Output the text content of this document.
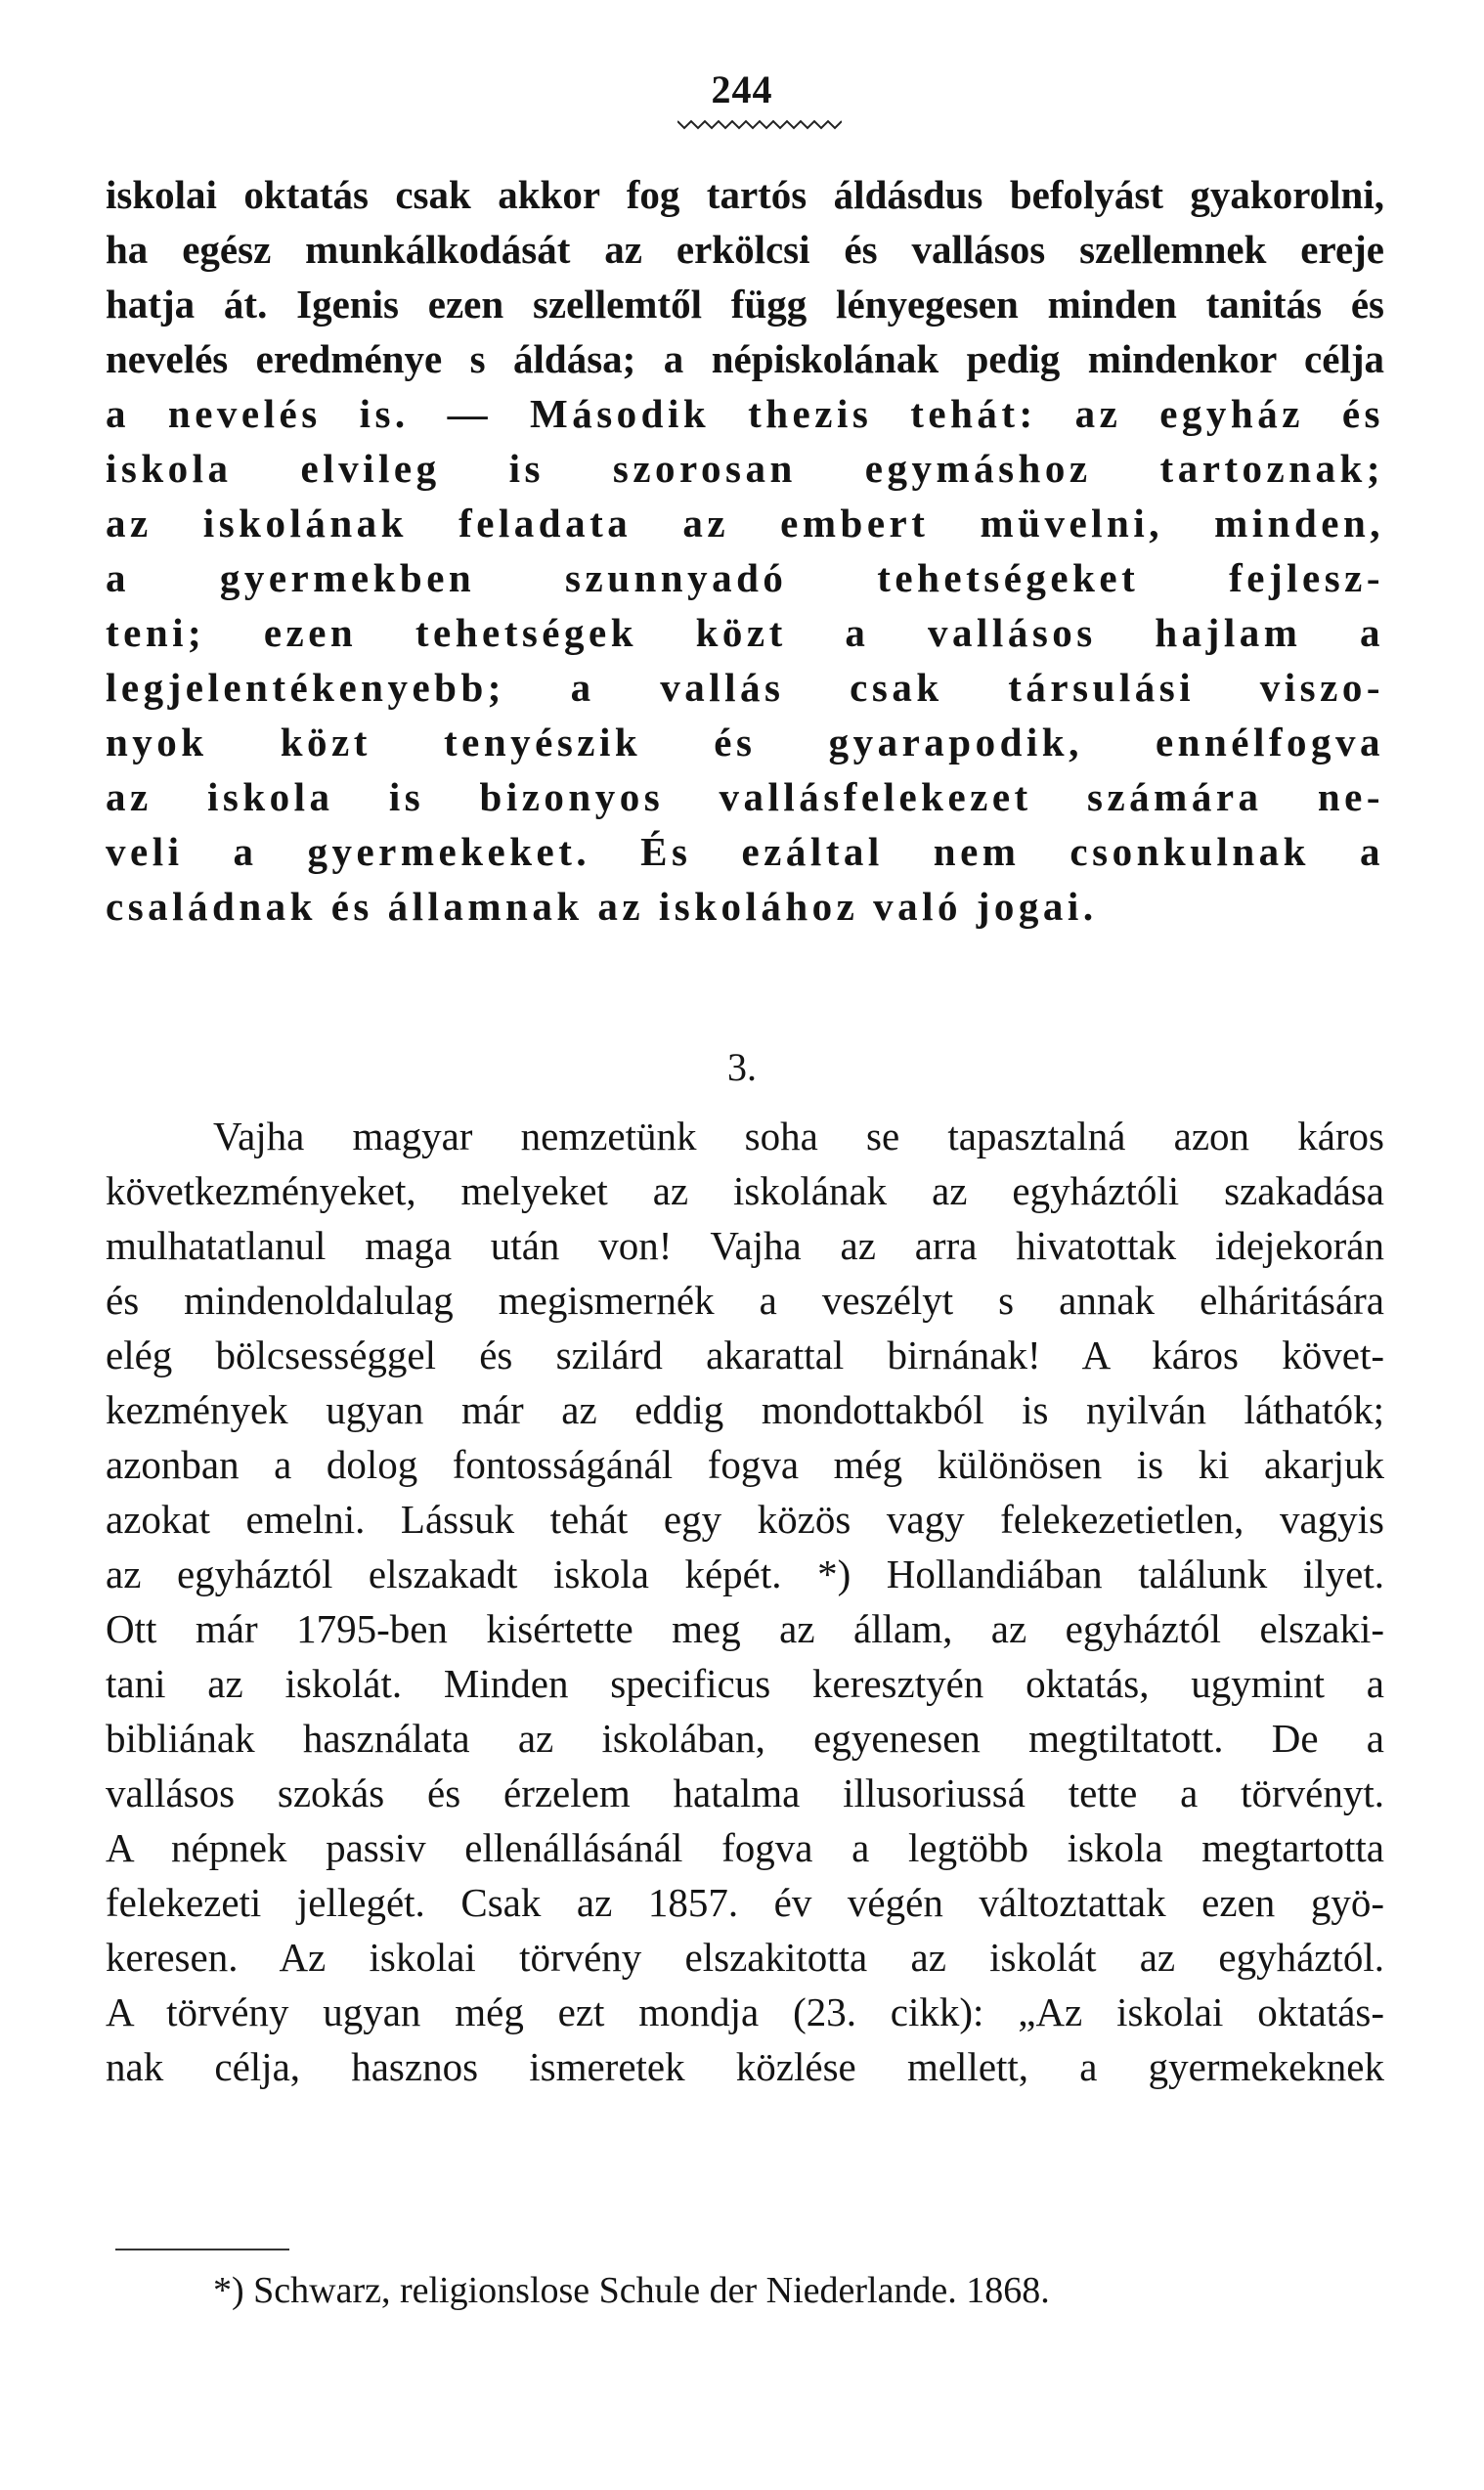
244
iskolai oktatás csak akkor fog tartós áldásdus befolyást gyakorolni,
ha egész munkálkodását az erkölcsi és vallásos szellemnek ereje
hatja át. Igenis ezen szellemtől függ lényegesen minden tanitás és
nevelés eredménye s áldása; a népiskolának pedig mindenkor célja
a nevelés is. — Második thezis tehát: az egyház és
iskola elvileg is szorosan egymáshoz tartoznak;
az iskolának feladata az embert müvelni, minden,
a gyermekben szunnyadó tehetségeket fejlesz-
teni; ezen tehetségek közt a vallásos hajlam a
legjelentékenyebb; a vallás csak társulási viszo-
nyok közt tenyészik és gyarapodik, ennélfogva
az iskola is bizonyos vallásfelekezet számára ne-
veli a gyermekeket. És ezáltal nem csonkulnak a
családnak és államnak az iskolához való jogai.
3.
Vajha magyar nemzetünk soha se tapasztalná azon káros
következményeket, melyeket az iskolának az egyháztóli szakadása
mulhatatlanul maga után von! Vajha az arra hivatottak idejekorán
és mindenoldalulag megismernék a veszélyt s annak elháritására
elég bölcsességgel és szilárd akarattal birnának! A káros követ-
kezmények ugyan már az eddig mondottakból is nyilván láthatók;
azonban a dolog fontosságánál fogva még különösen is ki akarjuk
azokat emelni. Lássuk tehát egy közös vagy felekezetietlen, vagyis
az egyháztól elszakadt iskola képét. *) Hollandiában találunk ilyet.
Ott már 1795-ben kisértette meg az állam, az egyháztól elszaki-
tani az iskolát. Minden specificus keresztyén oktatás, ugymint a
bibliának használata az iskolában, egyenesen megtiltatott. De a
vallásos szokás és érzelem hatalma illusoriussá tette a törvényt.
A népnek passiv ellenállásánál fogva a legtöbb iskola megtartotta
felekezeti jellegét. Csak az 1857. év végén változtattak ezen gyö-
keresen. Az iskolai törvény elszakitotta az iskolát az egyháztól.
A törvény ugyan még ezt mondja (23. cikk): „Az iskolai oktatás-
nak célja, hasznos ismeretek közlése mellett, a gyermekeknek
*) Schwarz, religionslose Schule der Niederlande. 1868.
